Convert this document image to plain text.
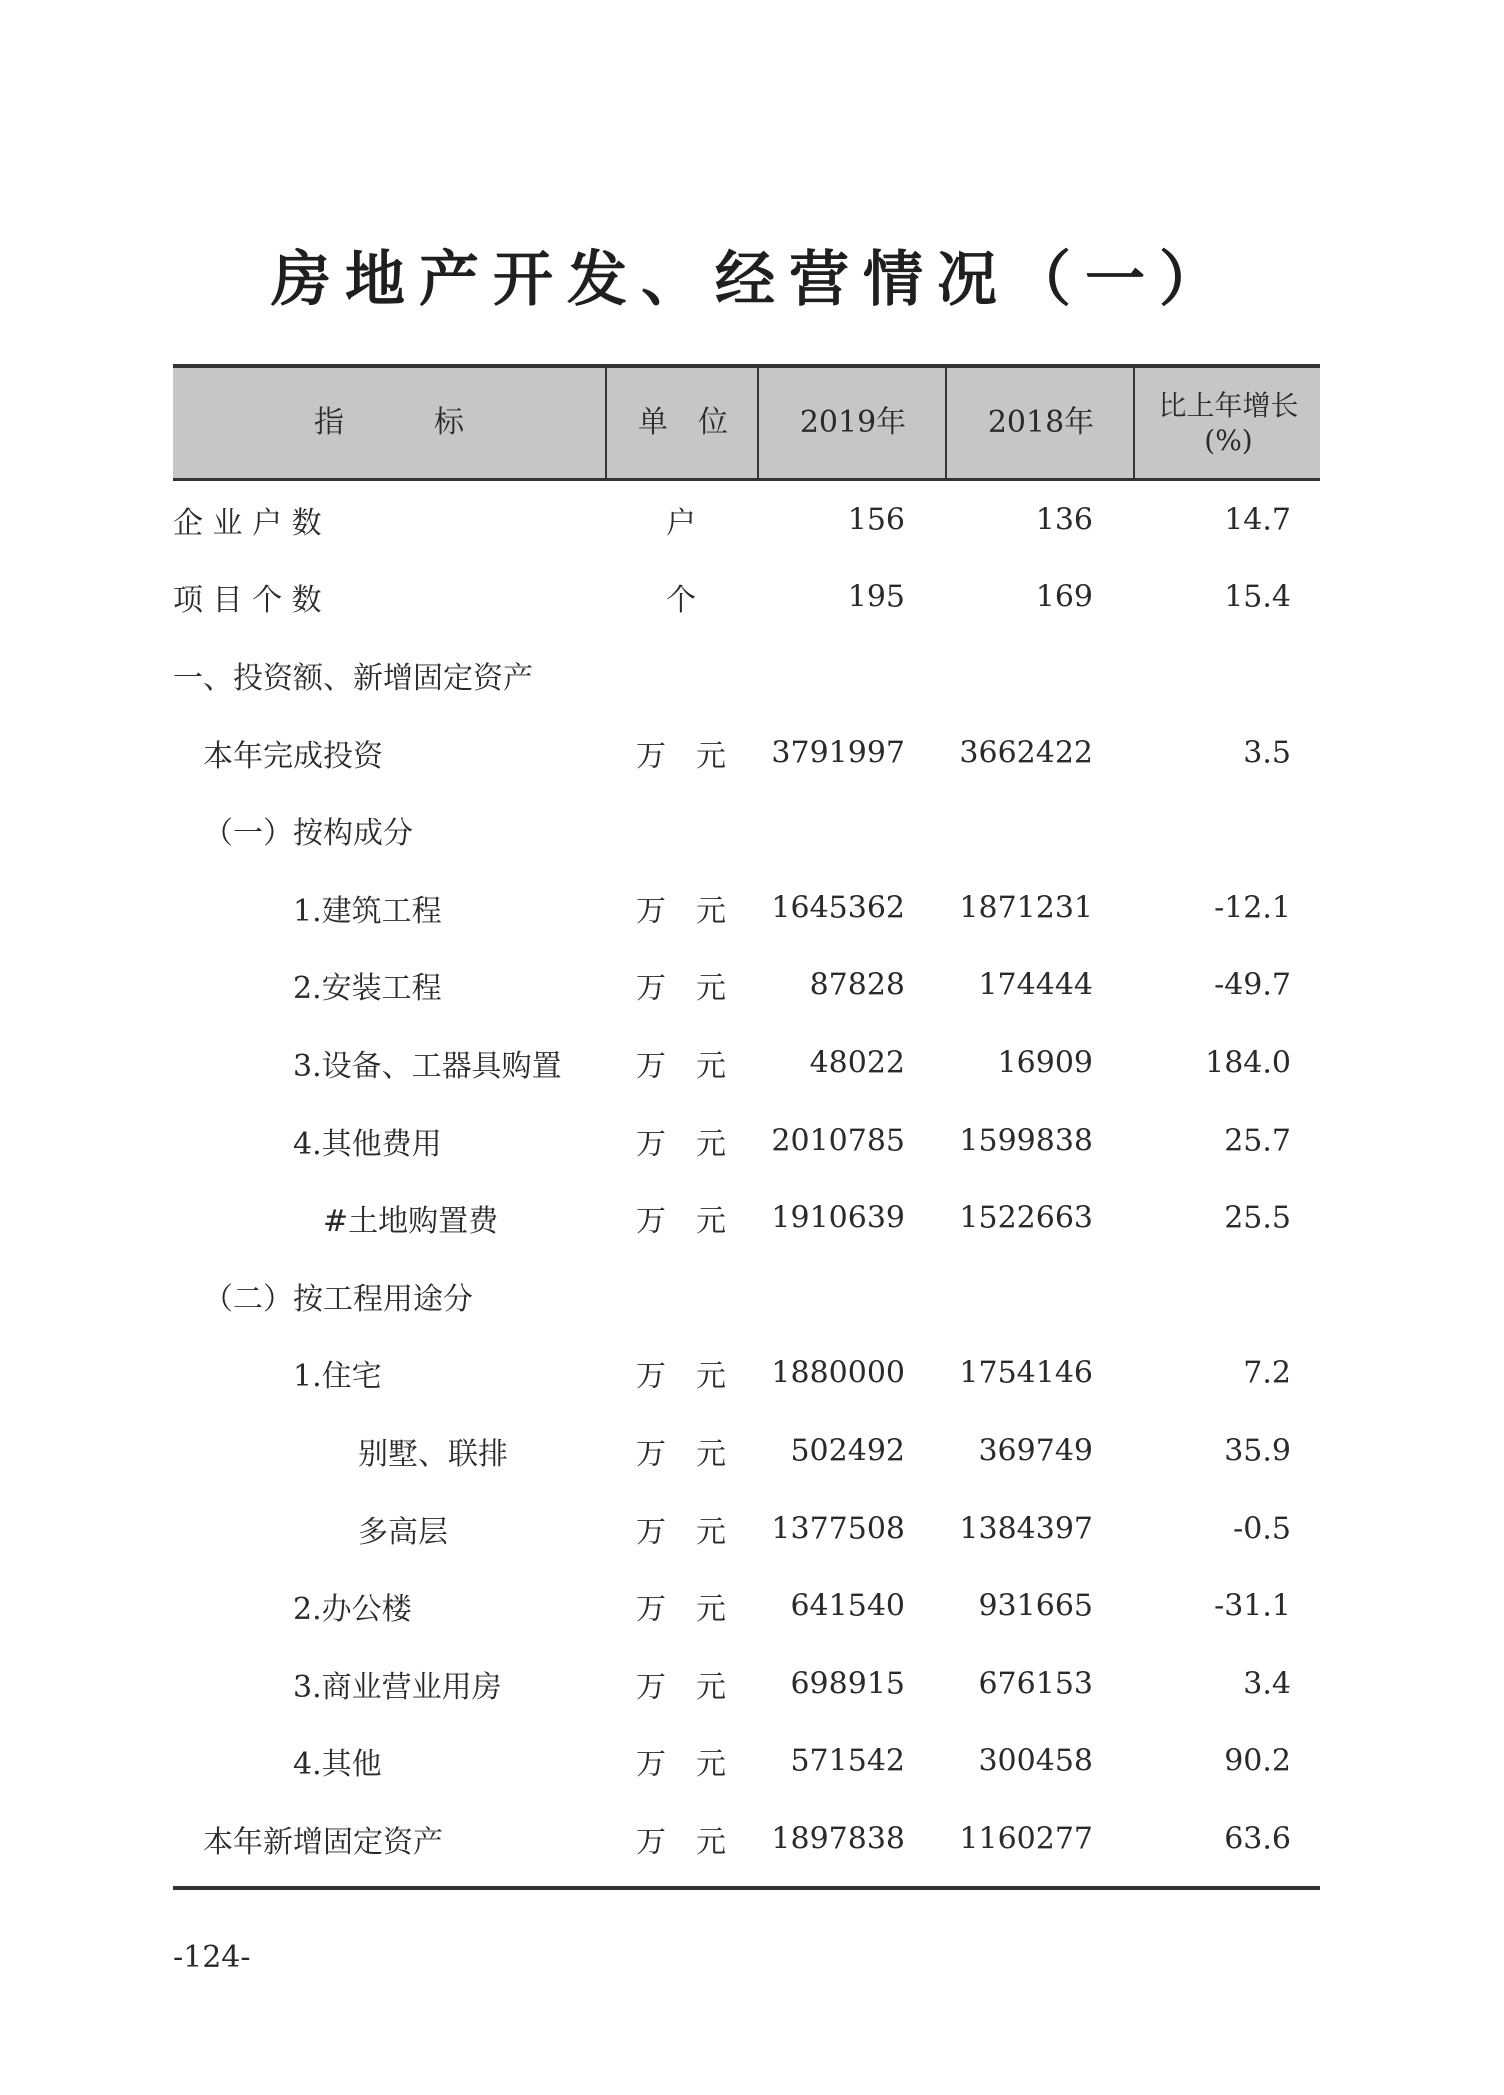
房地产开发、经营情况（一）
指　　　标	单　位	2019年	2018年	比上年增长
(%)
企 业 户 数	户	156	136	14.7
项 目 个 数	个	195	169	15.4
一、投资额、新增固定资产
本年完成投资	万　元	3791997	3662422	3.5
（一）按构成分
1.建筑工程	万　元	1645362	1871231	-12.1
2.安装工程	万　元	87828	174444	-49.7
3.设备、工器具购置	万　元	48022	16909	184.0
4.其他费用	万　元	2010785	1599838	25.7
#土地购置费	万　元	1910639	1522663	25.5
（二）按工程用途分
1.住宅	万　元	1880000	1754146	7.2
别墅、联排	万　元	502492	369749	35.9
多高层	万　元	1377508	1384397	-0.5
2.办公楼	万　元	641540	931665	-31.1
3.商业营业用房	万　元	698915	676153	3.4
4.其他	万　元	571542	300458	90.2
本年新增固定资产	万　元	1897838	1160277	63.6
-124-
